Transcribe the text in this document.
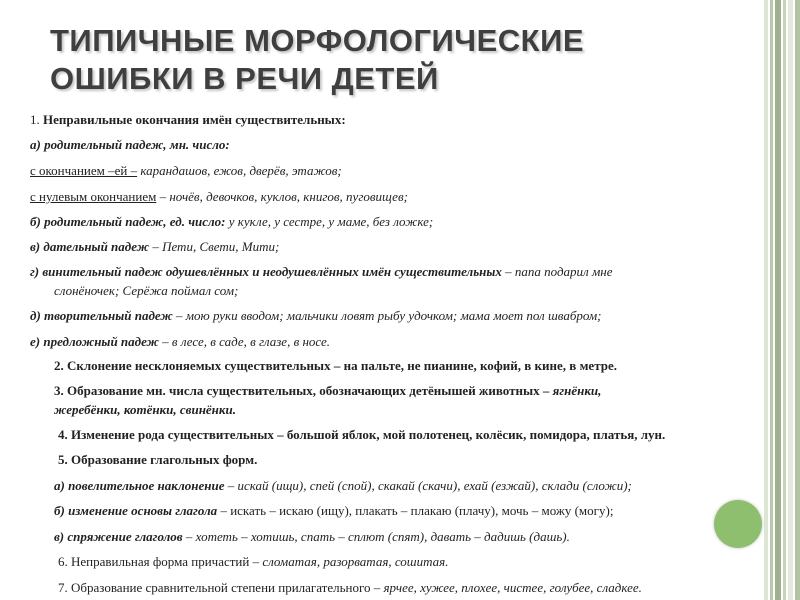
ТИПИЧНЫЕ МОРФОЛОГИЧЕСКИЕ
ОШИБКИ В РЕЧИ ДЕТЕЙ
1. Неправильные окончания имён существительных:
а) родительный падеж, мн. число:
с окончанием –ей – карандашов, ежов, дверёв, этажов;
с нулевым окончанием – ночёв, девочков, куклов, книгов, пуговищев;
б) родительный падеж, ед. число: у кукле, у сестре, у маме, без ложке;
в) дательный падеж – Пети, Свети, Мити;
г) винительный падеж одушевлённых и неодушевлённых имён существительных – папа подарил мне
слонёночек; Серёжа поймал сом;
д) творительный падеж – мою руки вводом; мальчики ловят рыбу удочком; мама моет пол швабром;
е) предложный падеж – в лесе, в саде, в глазе, в носе.
2. Склонение несклоняемых существительных – на пальте, не пианине, кофий, в кине, в метре.
3. Образование мн. числа существительных, обозначающих детёнышей животных – ягнёнки,
жеребёнки, котёнки, свинёнки.
4. Изменение рода существительных – большой яблок, мой полотенец, колёсик, помидора, платья, лун.
5. Образование глагольных форм.
а) повелительное наклонение – искай (ищи), спей (спой), скакай (скачи), ехай (езжай), склади (сложи);
б) изменение основы глагола – искать – искаю (ищу), плакать – плакаю (плачу), мочь – можу (могу);
в) спряжение глаголов – хотеть – хотишь, спать – сплют (спят), давать – дадишь (дашь).
6. Неправильная форма причастий – сломатая, разорватая, сошитая.
7. Образование сравнительной степени прилагательного – ярчее, хужее, плохее, чистее, голубее, сладкее.
